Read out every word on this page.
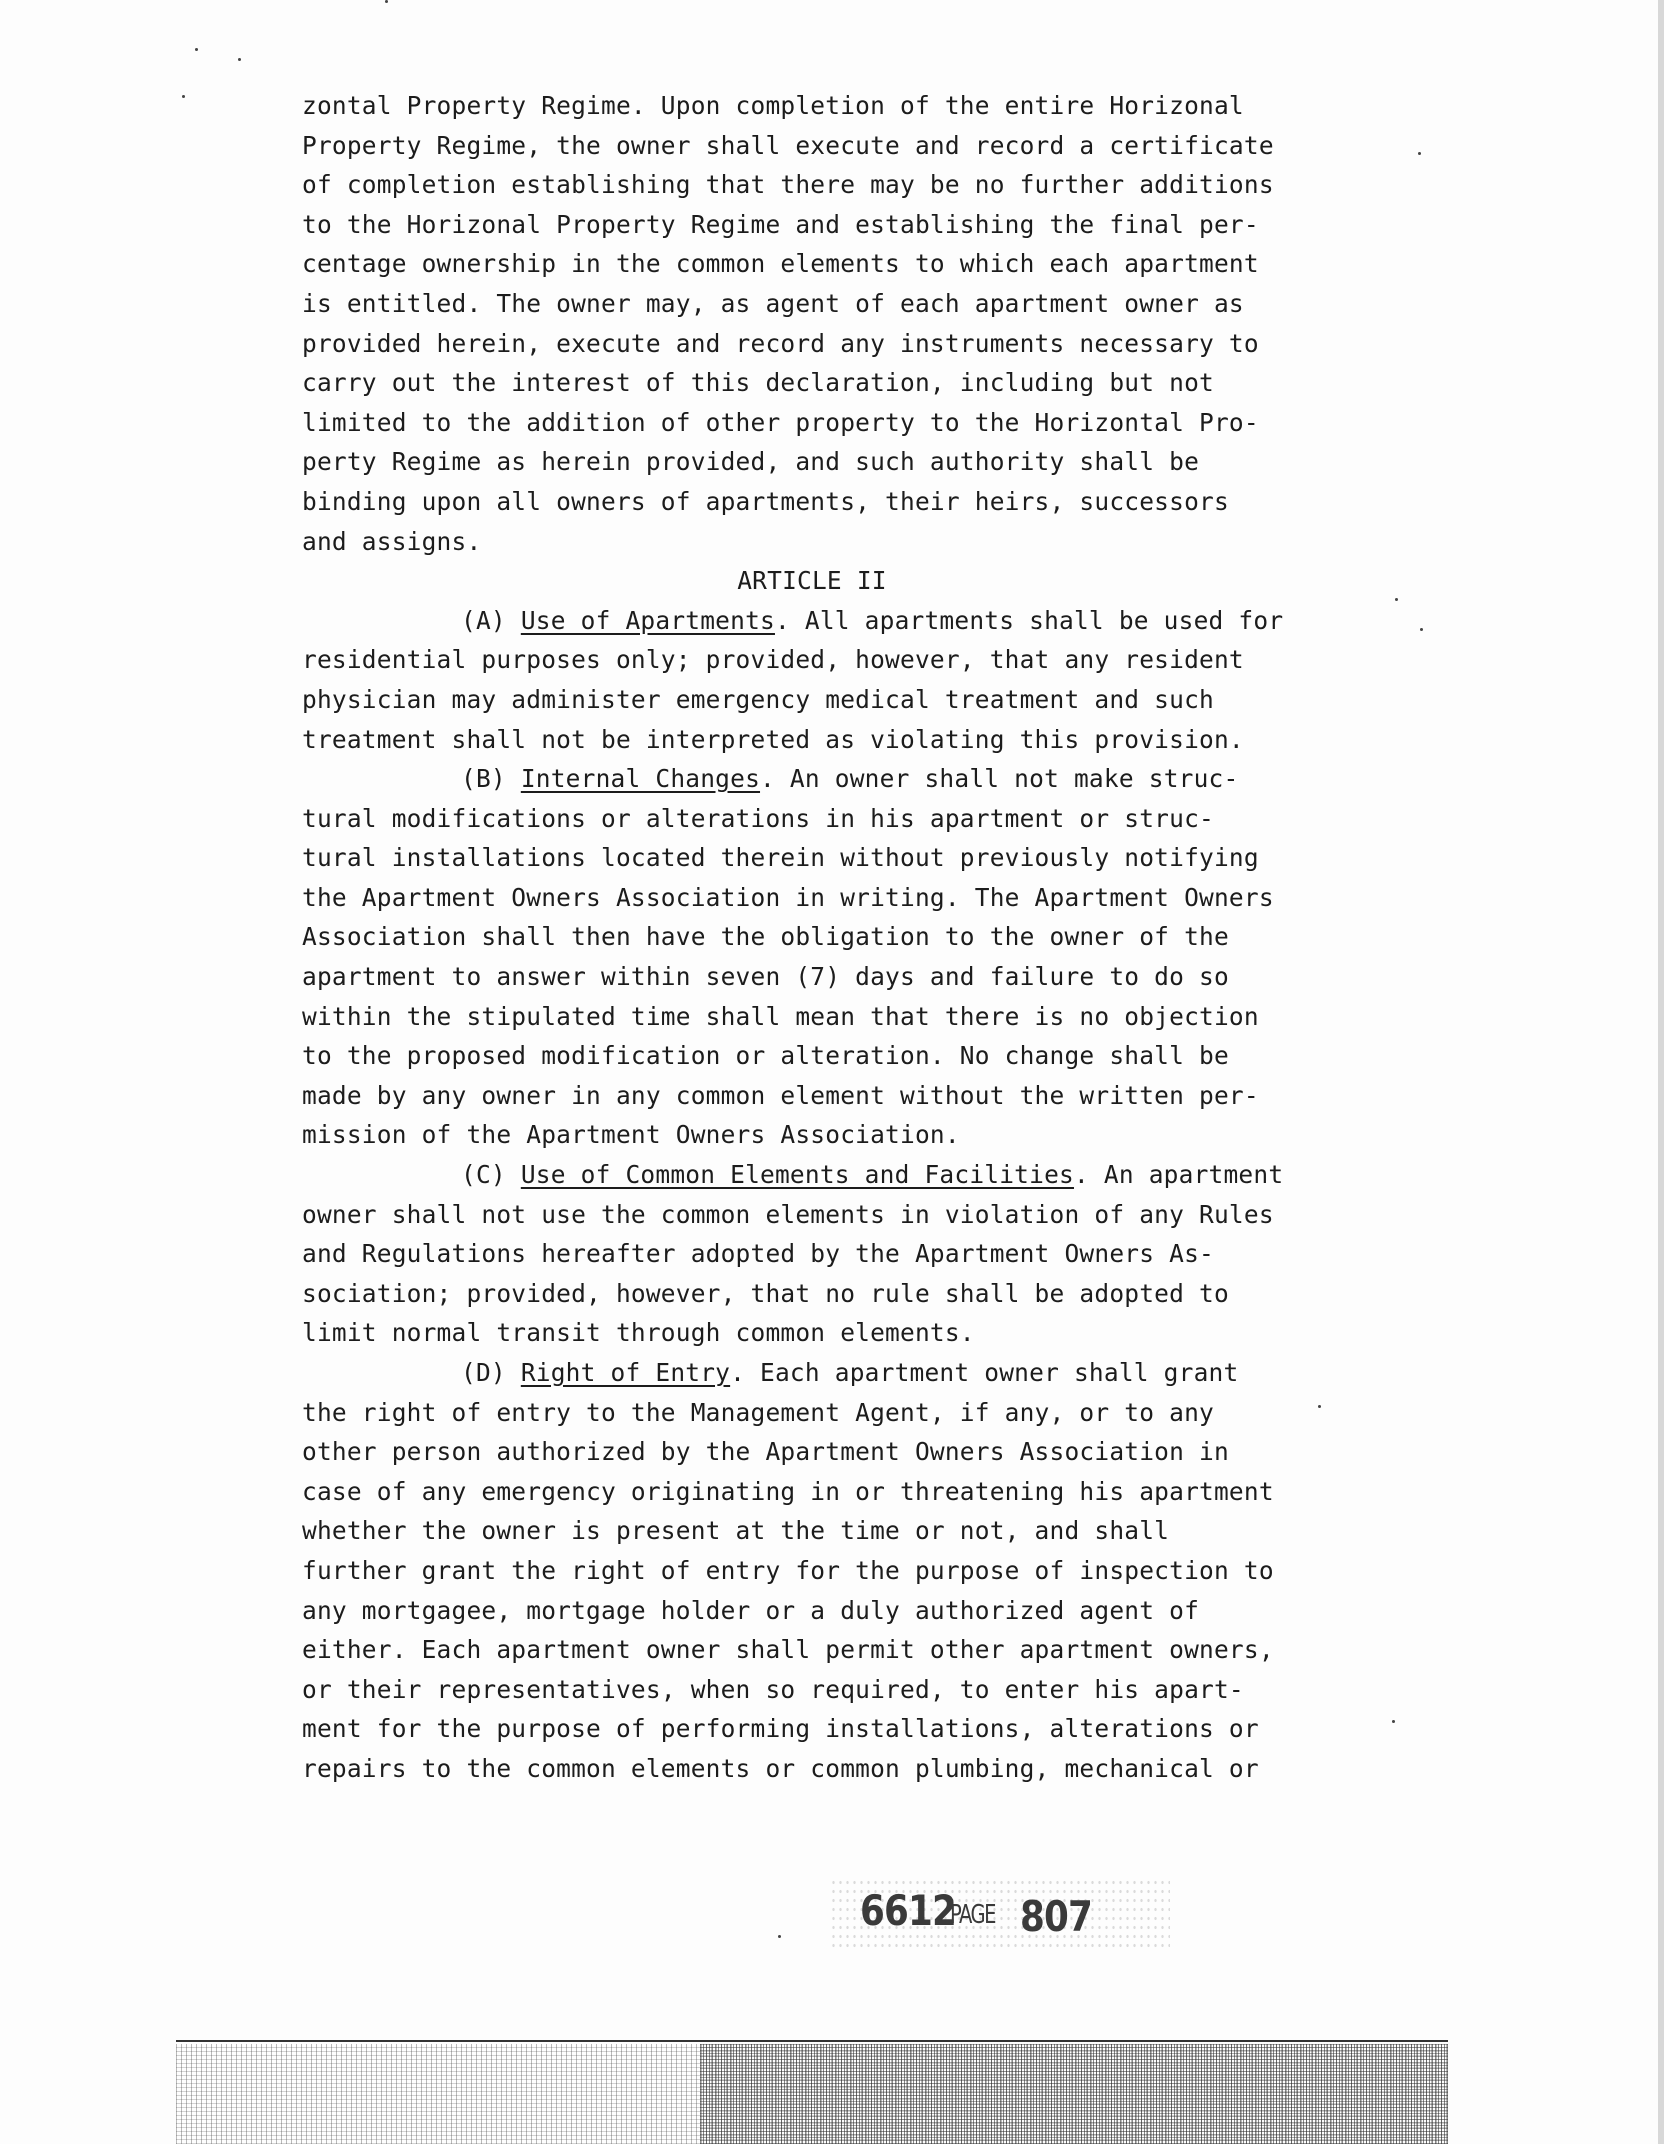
zontal Property Regime. Upon completion of the entire Horizonal
Property Regime, the owner shall execute and record a certificate
of completion establishing that there may be no further additions
to the Horizonal Property Regime and establishing the final per-
centage ownership in the common elements to which each apartment
is entitled. The owner may, as agent of each apartment owner as
provided herein, execute and record any instruments necessary to
carry out the interest of this declaration, including but not
limited to the addition of other property to the Horizontal Pro-
perty Regime as herein provided, and such authority shall be
binding upon all owners of apartments, their heirs, successors
and assigns.
ARTICLE II
(A) Use of Apartments. All apartments shall be used for
residential purposes only; provided, however, that any resident
physician may administer emergency medical treatment and such
treatment shall not be interpreted as violating this provision.
(B) Internal Changes. An owner shall not make struc-
tural modifications or alterations in his apartment or struc-
tural installations located therein without previously notifying
the Apartment Owners Association in writing. The Apartment Owners
Association shall then have the obligation to the owner of the
apartment to answer within seven (7) days and failure to do so
within the stipulated time shall mean that there is no objection
to the proposed modification or alteration. No change shall be
made by any owner in any common element without the written per-
mission of the Apartment Owners Association.
(C) Use of Common Elements and Facilities. An apartment
owner shall not use the common elements in violation of any Rules
and Regulations hereafter adopted by the Apartment Owners As-
sociation; provided, however, that no rule shall be adopted to
limit normal transit through common elements.
(D) Right of Entry. Each apartment owner shall grant
the right of entry to the Management Agent, if any, or to any
other person authorized by the Apartment Owners Association in
case of any emergency originating in or threatening his apartment
whether the owner is present at the time or not, and shall
further grant the right of entry for the purpose of inspection to
any mortgagee, mortgage holder or a duly authorized agent of
either. Each apartment owner shall permit other apartment owners,
or their representatives, when so required, to enter his apart-
ment for the purpose of performing installations, alterations or
repairs to the common elements or common plumbing, mechanical or
6612
PAGE 807
